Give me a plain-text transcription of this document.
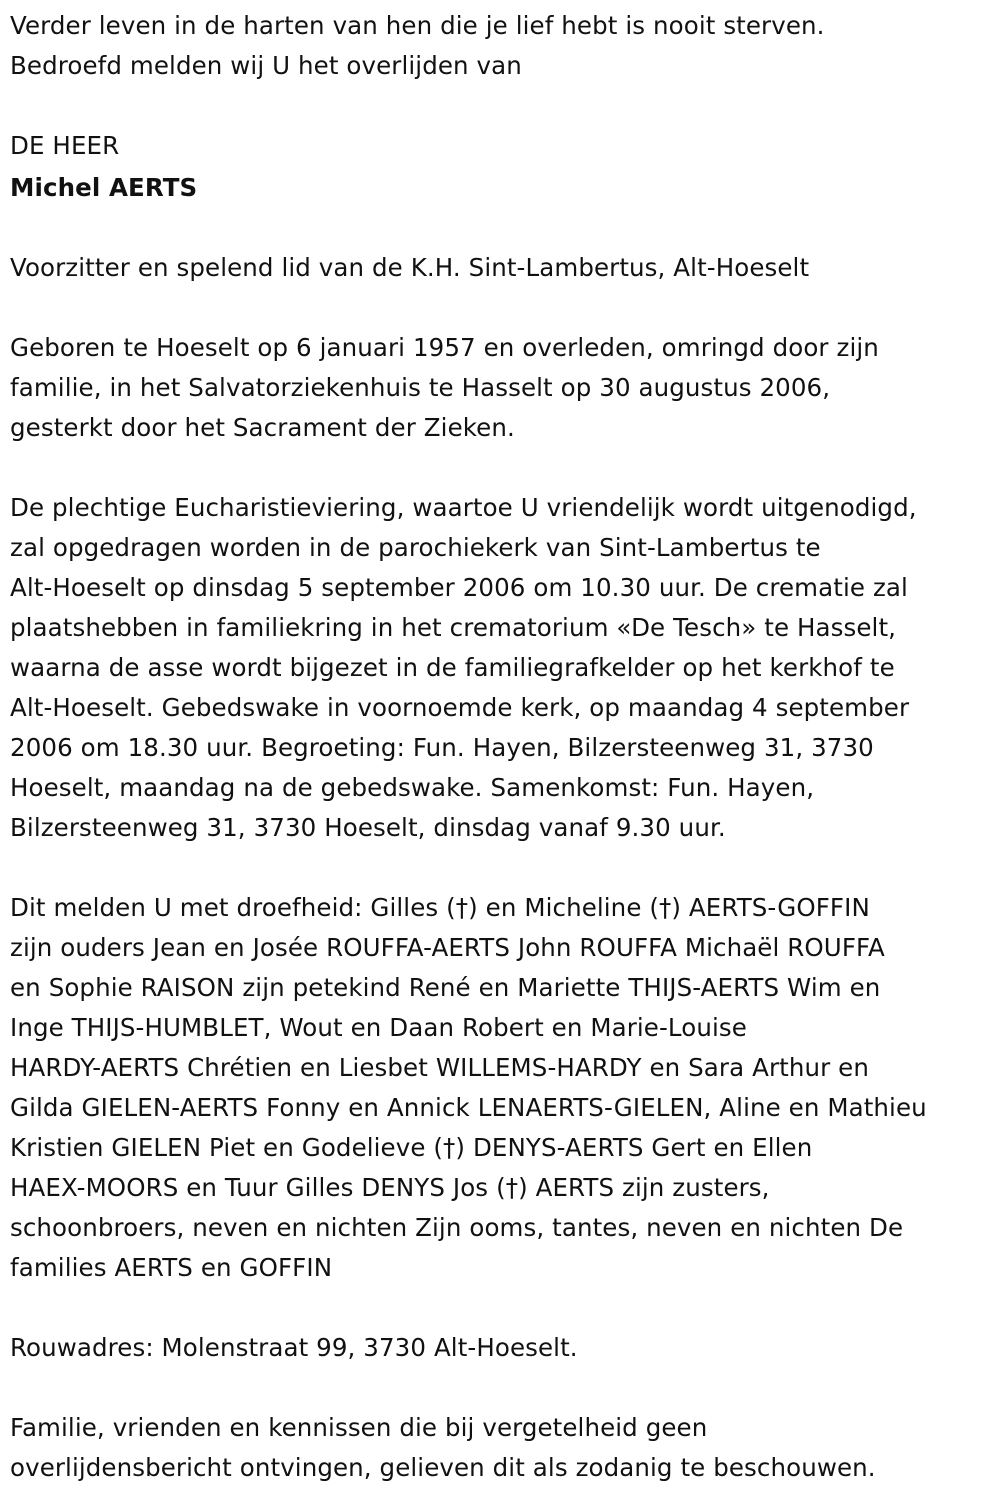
Verder leven in de harten van hen die je lief hebt is nooit sterven.

Bedroefd melden wij U het overlijden van

DE HEER

Michel AERTS

Voorzitter en spelend lid van de K.H. Sint-Lambertus, Alt-Hoeselt

Geboren te Hoeselt op 6 januari 1957 en overleden, omringd door zijn
familie, in het Salvatorziekenhuis te Hasselt op 30 augustus 2006,
gesterkt door het Sacrament der Zieken.

De plechtige Eucharistieviering, waartoe U vriendelijk wordt uitgenodigd,
zal opgedragen worden in de parochiekerk van Sint-Lambertus te
Alt-Hoeselt op dinsdag 5 september 2006 om 10.30 uur. De crematie zal
plaatshebben in familiekring in het crematorium «De Tesch» te Hasselt,
waarna de asse wordt bijgezet in de familiegrafkelder op het kerkhof te
Alt-Hoeselt. Gebedswake in voornoemde kerk, op maandag 4 september
2006 om 18.30 uur. Begroeting: Fun. Hayen, Bilzersteenweg 31, 3730
Hoeselt, maandag na de gebedswake. Samenkomst: Fun. Hayen,
Bilzersteenweg 31, 3730 Hoeselt, dinsdag vanaf 9.30 uur.

Dit melden U met droefheid: Gilles (†) en Micheline (†) AERTS-GOFFIN
zijn ouders Jean en Josée ROUFFA-AERTS John ROUFFA Michaël ROUFFA
en Sophie RAISON zijn petekind René en Mariette THIJS-AERTS Wim en
Inge THIJS-HUMBLET, Wout en Daan Robert en Marie-Louise
HARDY-AERTS Chrétien en Liesbet WILLEMS-HARDY en Sara Arthur en
Gilda GIELEN-AERTS Fonny en Annick LENAERTS-GIELEN, Aline en Mathieu
Kristien GIELEN Piet en Godelieve (†) DENYS-AERTS Gert en Ellen
HAEX-MOORS en Tuur Gilles DENYS Jos (†) AERTS zijn zusters,
schoonbroers, neven en nichten Zijn ooms, tantes, neven en nichten De
families AERTS en GOFFIN

Rouwadres: Molenstraat 99, 3730 Alt-Hoeselt.

Familie, vrienden en kennissen die bij vergetelheid geen
overlijdensbericht ontvingen, gelieven dit als zodanig te beschouwen.
